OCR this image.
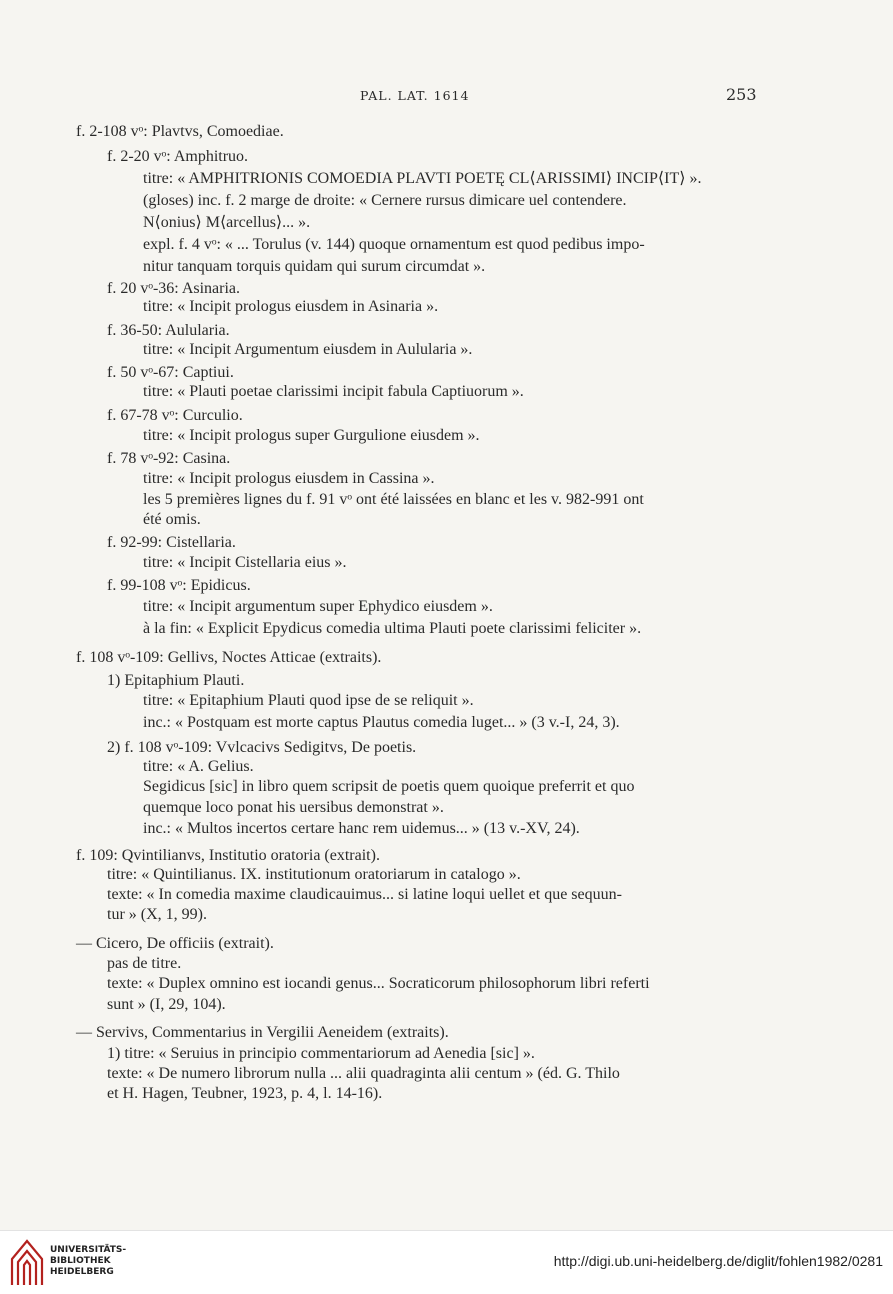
PAL. LAT. 1614	253
f. 2-108 vᵒ: Plavtvs, Comoediae.
f. 2-20 vᵒ: Amphitruo.
titre: « AMPHITRIONIS COMOEDIA PLAVTI POETĘ CL⟨ARISSIMI⟩ INCIP⟨IT⟩ ».
(gloses) inc. f. 2 marge de droite: « Cernere rursus dimicare uel contendere.
N⟨onius⟩ M⟨arcellus⟩... ».
expl. f. 4 vᵒ: « ... Torulus (v. 144) quoque ornamentum est quod pedibus impo-
nitur tanquam torquis quidam qui surum circumdat ».
f. 20 vᵒ-36: Asinaria.
titre: « Incipit prologus eiusdem in Asinaria ».
f. 36-50: Aulularia.
titre: « Incipit Argumentum eiusdem in Aulularia ».
f. 50 vᵒ-67: Captiui.
titre: « Plauti poetae clarissimi incipit fabula Captiuorum ».
f. 67-78 vᵒ: Curculio.
titre: « Incipit prologus super Gurgulione eiusdem ».
f. 78 vᵒ-92: Casina.
titre: « Incipit prologus eiusdem in Cassina ».
les 5 premières lignes du f. 91 vᵒ ont été laissées en blanc et les v. 982-991 ont
été omis.
f. 92-99: Cistellaria.
titre: « Incipit Cistellaria eius ».
f. 99-108 vᵒ: Epidicus.
titre: « Incipit argumentum super Ephydico eiusdem ».
à la fin: « Explicit Epydicus comedia ultima Plauti poete clarissimi feliciter ».
f. 108 vᵒ-109: Gellivs, Noctes Atticae (extraits).
1) Epitaphium Plauti.
titre: « Epitaphium Plauti quod ipse de se reliquit ».
inc.: « Postquam est morte captus Plautus comedia luget... » (3 v.-I, 24, 3).
2) f. 108 vᵒ-109: Vvlcacivs Sedigitvs, De poetis.
titre: « A. Gelius.
Segidicus [sic] in libro quem scripsit de poetis quem quoique preferrit et quo
quemque loco ponat his uersibus demonstrat ».
inc.: « Multos incertos certare hanc rem uidemus... » (13 v.-XV, 24).
f. 109: Qvintilianvs, Institutio oratoria (extrait).
titre: « Quintilianus. IX. institutionum oratoriarum in catalogo ».
texte: « In comedia maxime claudicauimus... si latine loqui uellet et que sequun-
tur » (X, 1, 99).
— Cicero, De officiis (extrait).
pas de titre.
texte: « Duplex omnino est iocandi genus... Socraticorum philosophorum libri referti
sunt » (I, 29, 104).
— Servivs, Commentarius in Vergilii Aeneidem (extraits).
1) titre: « Seruius in principio commentariorum ad Aenedia [sic] ».
texte: « De numero librorum nulla ... alii quadraginta alii centum » (éd. G. Thilo
et H. Hagen, Teubner, 1923, p. 4, l. 14-16).
UNIVERSITÄTS-
BIBLIOTHEK
HEIDELBERG
http://digi.ub.uni-heidelberg.de/diglit/fohlen1982/0281
